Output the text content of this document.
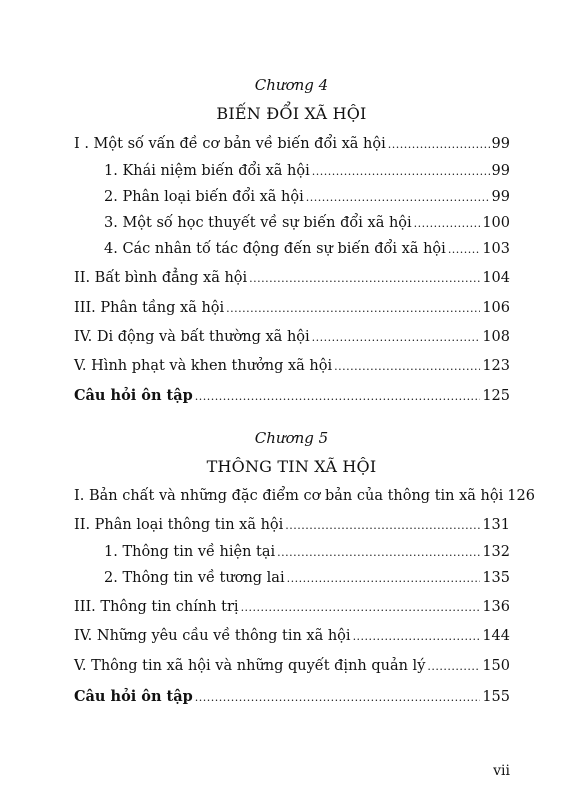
Chương 4
BIẾN ĐỔI XÃ HỘI
I . Một số vấn đề cơ bản về biến đổi xã hội .....	99
1. Khái niệm biến đổi xã hội .....	99
2. Phân loại biến đổi xã hội .....	99
3. Một số học thuyết về sự biến đổi xã hội .....	100
4. Các nhân tố tác động đến sự biến đổi xã hội .....	103
II. Bất bình đẳng xã hội .....	104
III. Phân tầng xã hội .....	106
IV. Di động và bất thường xã hội .....	108
V. Hình phạt và khen thưởng xã hội .....	123
Câu hỏi ôn tập .....	125
Chương 5
THÔNG TIN XÃ HỘI
I. Bản chất và những đặc điểm cơ bản của thông tin xã hội 126
II. Phân loại thông tin xã hội .....	131
1. Thông tin về hiện tại .....	132
2. Thông tin về tương lai .....	135
III. Thông tin chính trị .....	136
IV. Những yêu cầu về thông tin xã hội .....	144
V. Thông tin xã hội và những quyết định quản lý .....	150
Câu hỏi ôn tập .....	155
vii
